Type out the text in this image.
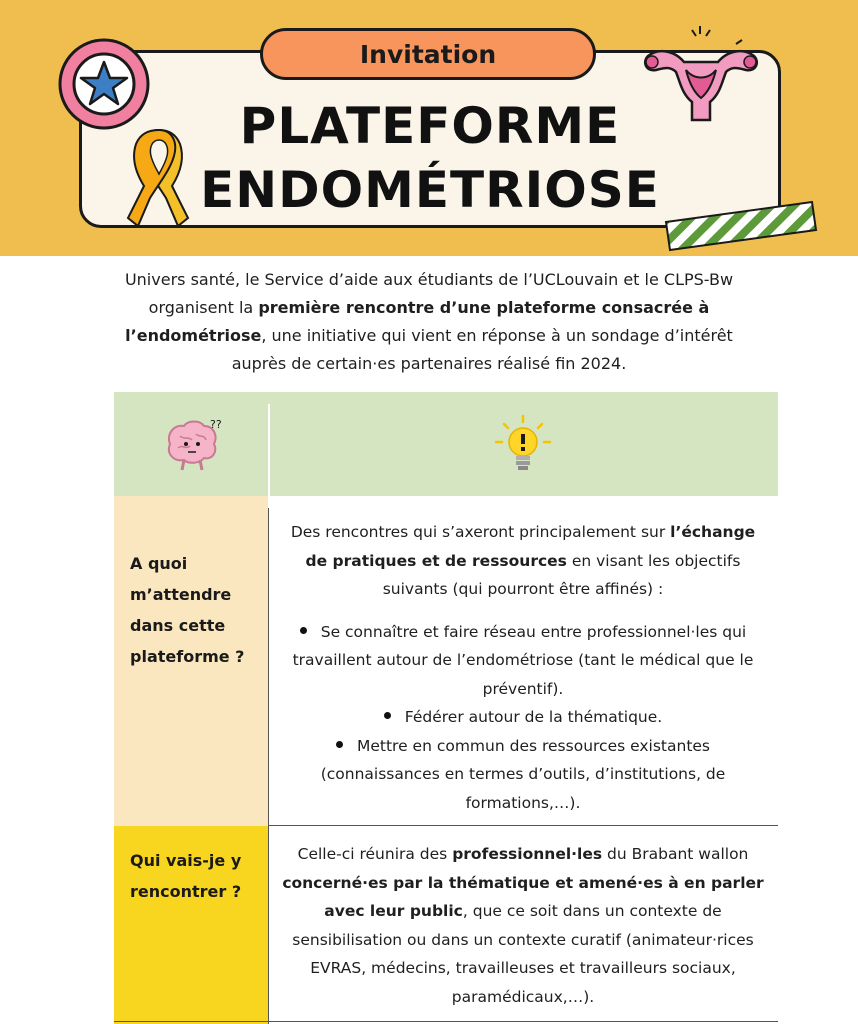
Invitation
PLATEFORME
ENDOMÉTRIOSE
Univers santé, le Service d’aide aux étudiants de l’UCLouvain et le CLPS-Bw organisent la première rencontre d’une plateforme consacrée à l’endométriose, une initiative qui vient en réponse à un sondage d’intérêt auprès de certain·es partenaires réalisé fin 2024.
??
A quoi
m’attendre
dans cette
plateforme ?
Qui vais-je y
rencontrer ?
Des rencontres qui s’axeront principalement sur l’échange de pratiques et de ressources en visant les objectifs suivants (qui pourront être affinés) :
Se connaître et faire réseau entre professionnel·les qui travaillent autour de l’endométriose (tant le médical que le préventif).
Fédérer autour de la thématique.
Mettre en commun des ressources existantes (connaissances en termes d’outils, d’institutions, de formations,…).
Celle-ci réunira des professionnel·les du Brabant wallon concerné·es par la thématique et amené·es à en parler avec leur public, que ce soit dans un contexte de sensibilisation ou dans un contexte curatif (animateur·rices EVRAS, médecins, travailleuses et travailleurs sociaux, paramédicaux,…).
